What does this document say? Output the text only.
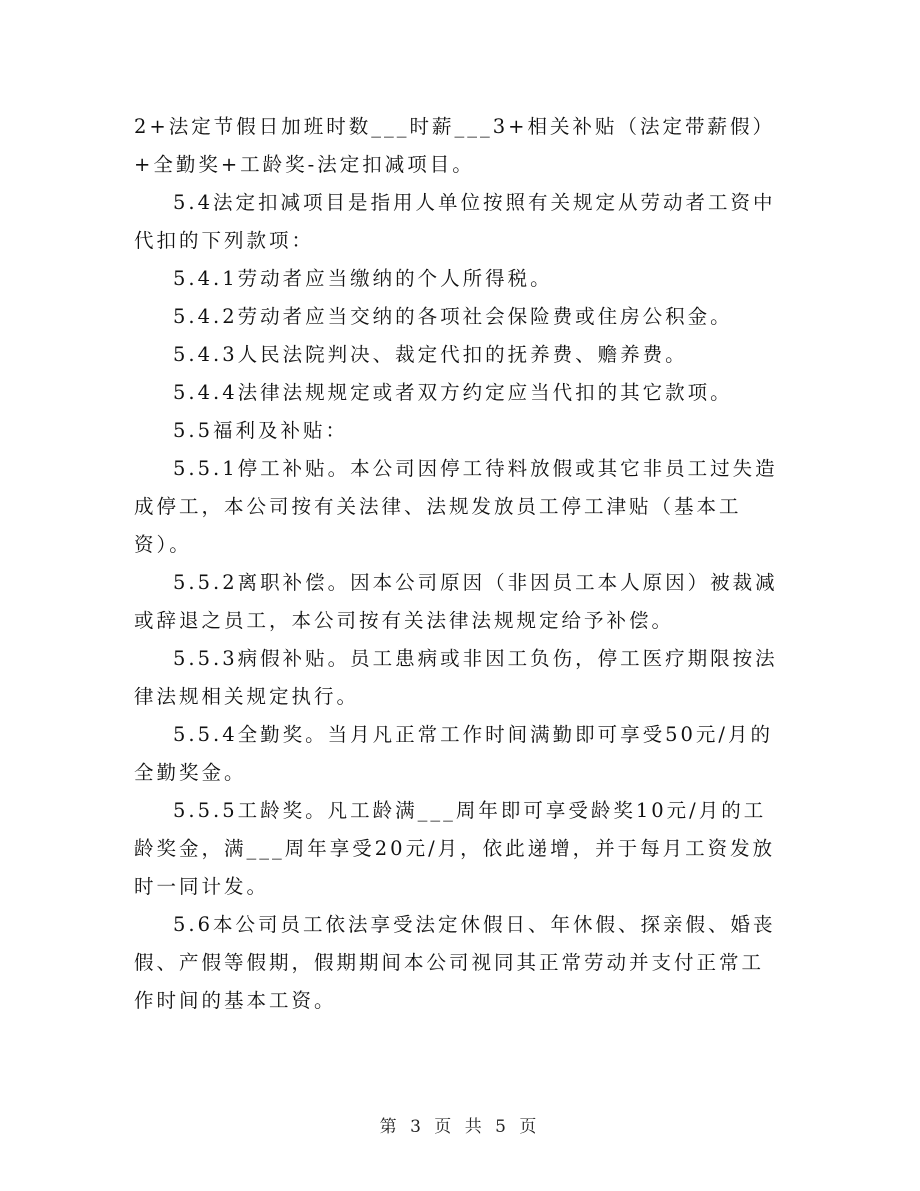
2+法定节假日加班时数___时薪___3+相关补贴（法定带薪假）+全勤奖+工龄奖-法定扣减项目。

5.4法定扣减项目是指用人单位按照有关规定从劳动者工资中代扣的下列款项：

5.4.1劳动者应当缴纳的个人所得税。

5.4.2劳动者应当交纳的各项社会保险费或住房公积金。

5.4.3人民法院判决、裁定代扣的抚养费、赡养费。

5.4.4法律法规规定或者双方约定应当代扣的其它款项。

5.5福利及补贴：

5.5.1停工补贴。本公司因停工待料放假或其它非员工过失造成停工，本公司按有关法律、法规发放员工停工津贴（基本工资）。

5.5.2离职补偿。因本公司原因（非因员工本人原因）被裁减或辞退之员工，本公司按有关法律法规规定给予补偿。

5.5.3病假补贴。员工患病或非因工负伤，停工医疗期限按法律法规相关规定执行。

5.5.4全勤奖。当月凡正常工作时间满勤即可享受50元/月的全勤奖金。

5.5.5工龄奖。凡工龄满___周年即可享受龄奖10元/月的工龄奖金，满___周年享受20元/月，依此递增，并于每月工资发放时一同计发。

5.6本公司员工依法享受法定休假日、年休假、探亲假、婚丧假、产假等假期，假期期间本公司视同其正常劳动并支付正常工作时间的基本工资。

第 3 页 共 5 页
